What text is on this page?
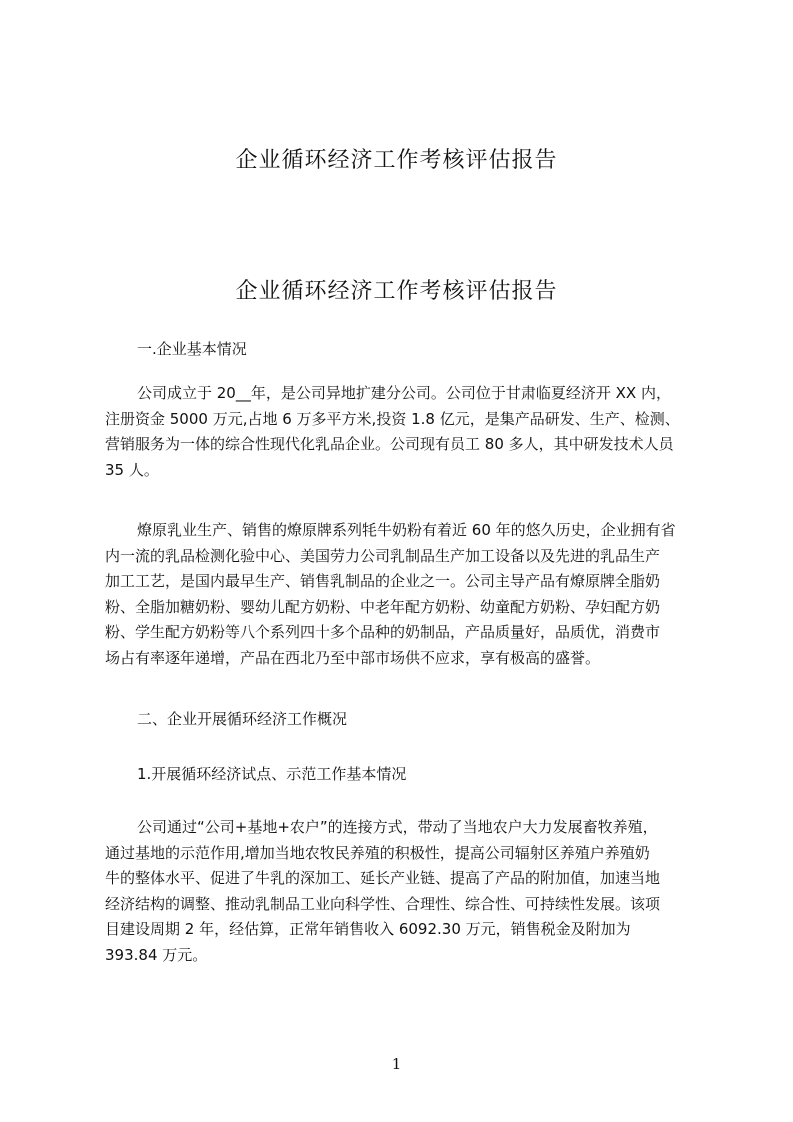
企业循环经济工作考核评估报告
企业循环经济工作考核评估报告
一.企业基本情况
公司成立于 20__年，是公司异地扩建分公司。公司位于甘肃临夏经济开 XX 内，
注册资金 5000 万元,占地 6 万多平方米,投资 1.8 亿元，是集产品研发、生产、检测、
营销服务为一体的综合性现代化乳品企业。公司现有员工 80 多人，其中研发技术人员
35 人。
燎原乳业生产、销售的燎原牌系列牦牛奶粉有着近 60 年的悠久历史，企业拥有省
内一流的乳品检测化验中心、美国劳力公司乳制品生产加工设备以及先进的乳品生产
加工工艺，是国内最早生产、销售乳制品的企业之一。公司主导产品有燎原牌全脂奶
粉、全脂加糖奶粉、婴幼儿配方奶粉、中老年配方奶粉、幼童配方奶粉、孕妇配方奶
粉、学生配方奶粉等八个系列四十多个品种的奶制品，产品质量好，品质优，消费市
场占有率逐年递增，产品在西北乃至中部市场供不应求，享有极高的盛誉。
二、企业开展循环经济工作概况
1.开展循环经济试点、示范工作基本情况
公司通过“公司+基地+农户”的连接方式，带动了当地农户大力发展畜牧养殖，
通过基地的示范作用,增加当地农牧民养殖的积极性，提高公司辐射区养殖户养殖奶
牛的整体水平、促进了牛乳的深加工、延长产业链、提高了产品的附加值，加速当地
经济结构的调整、推动乳制品工业向科学性、合理性、综合性、可持续性发展。该项
目建设周期 2 年，经估算，正常年销售收入 6092.30 万元，销售税金及附加为
393.84 万元。
1
